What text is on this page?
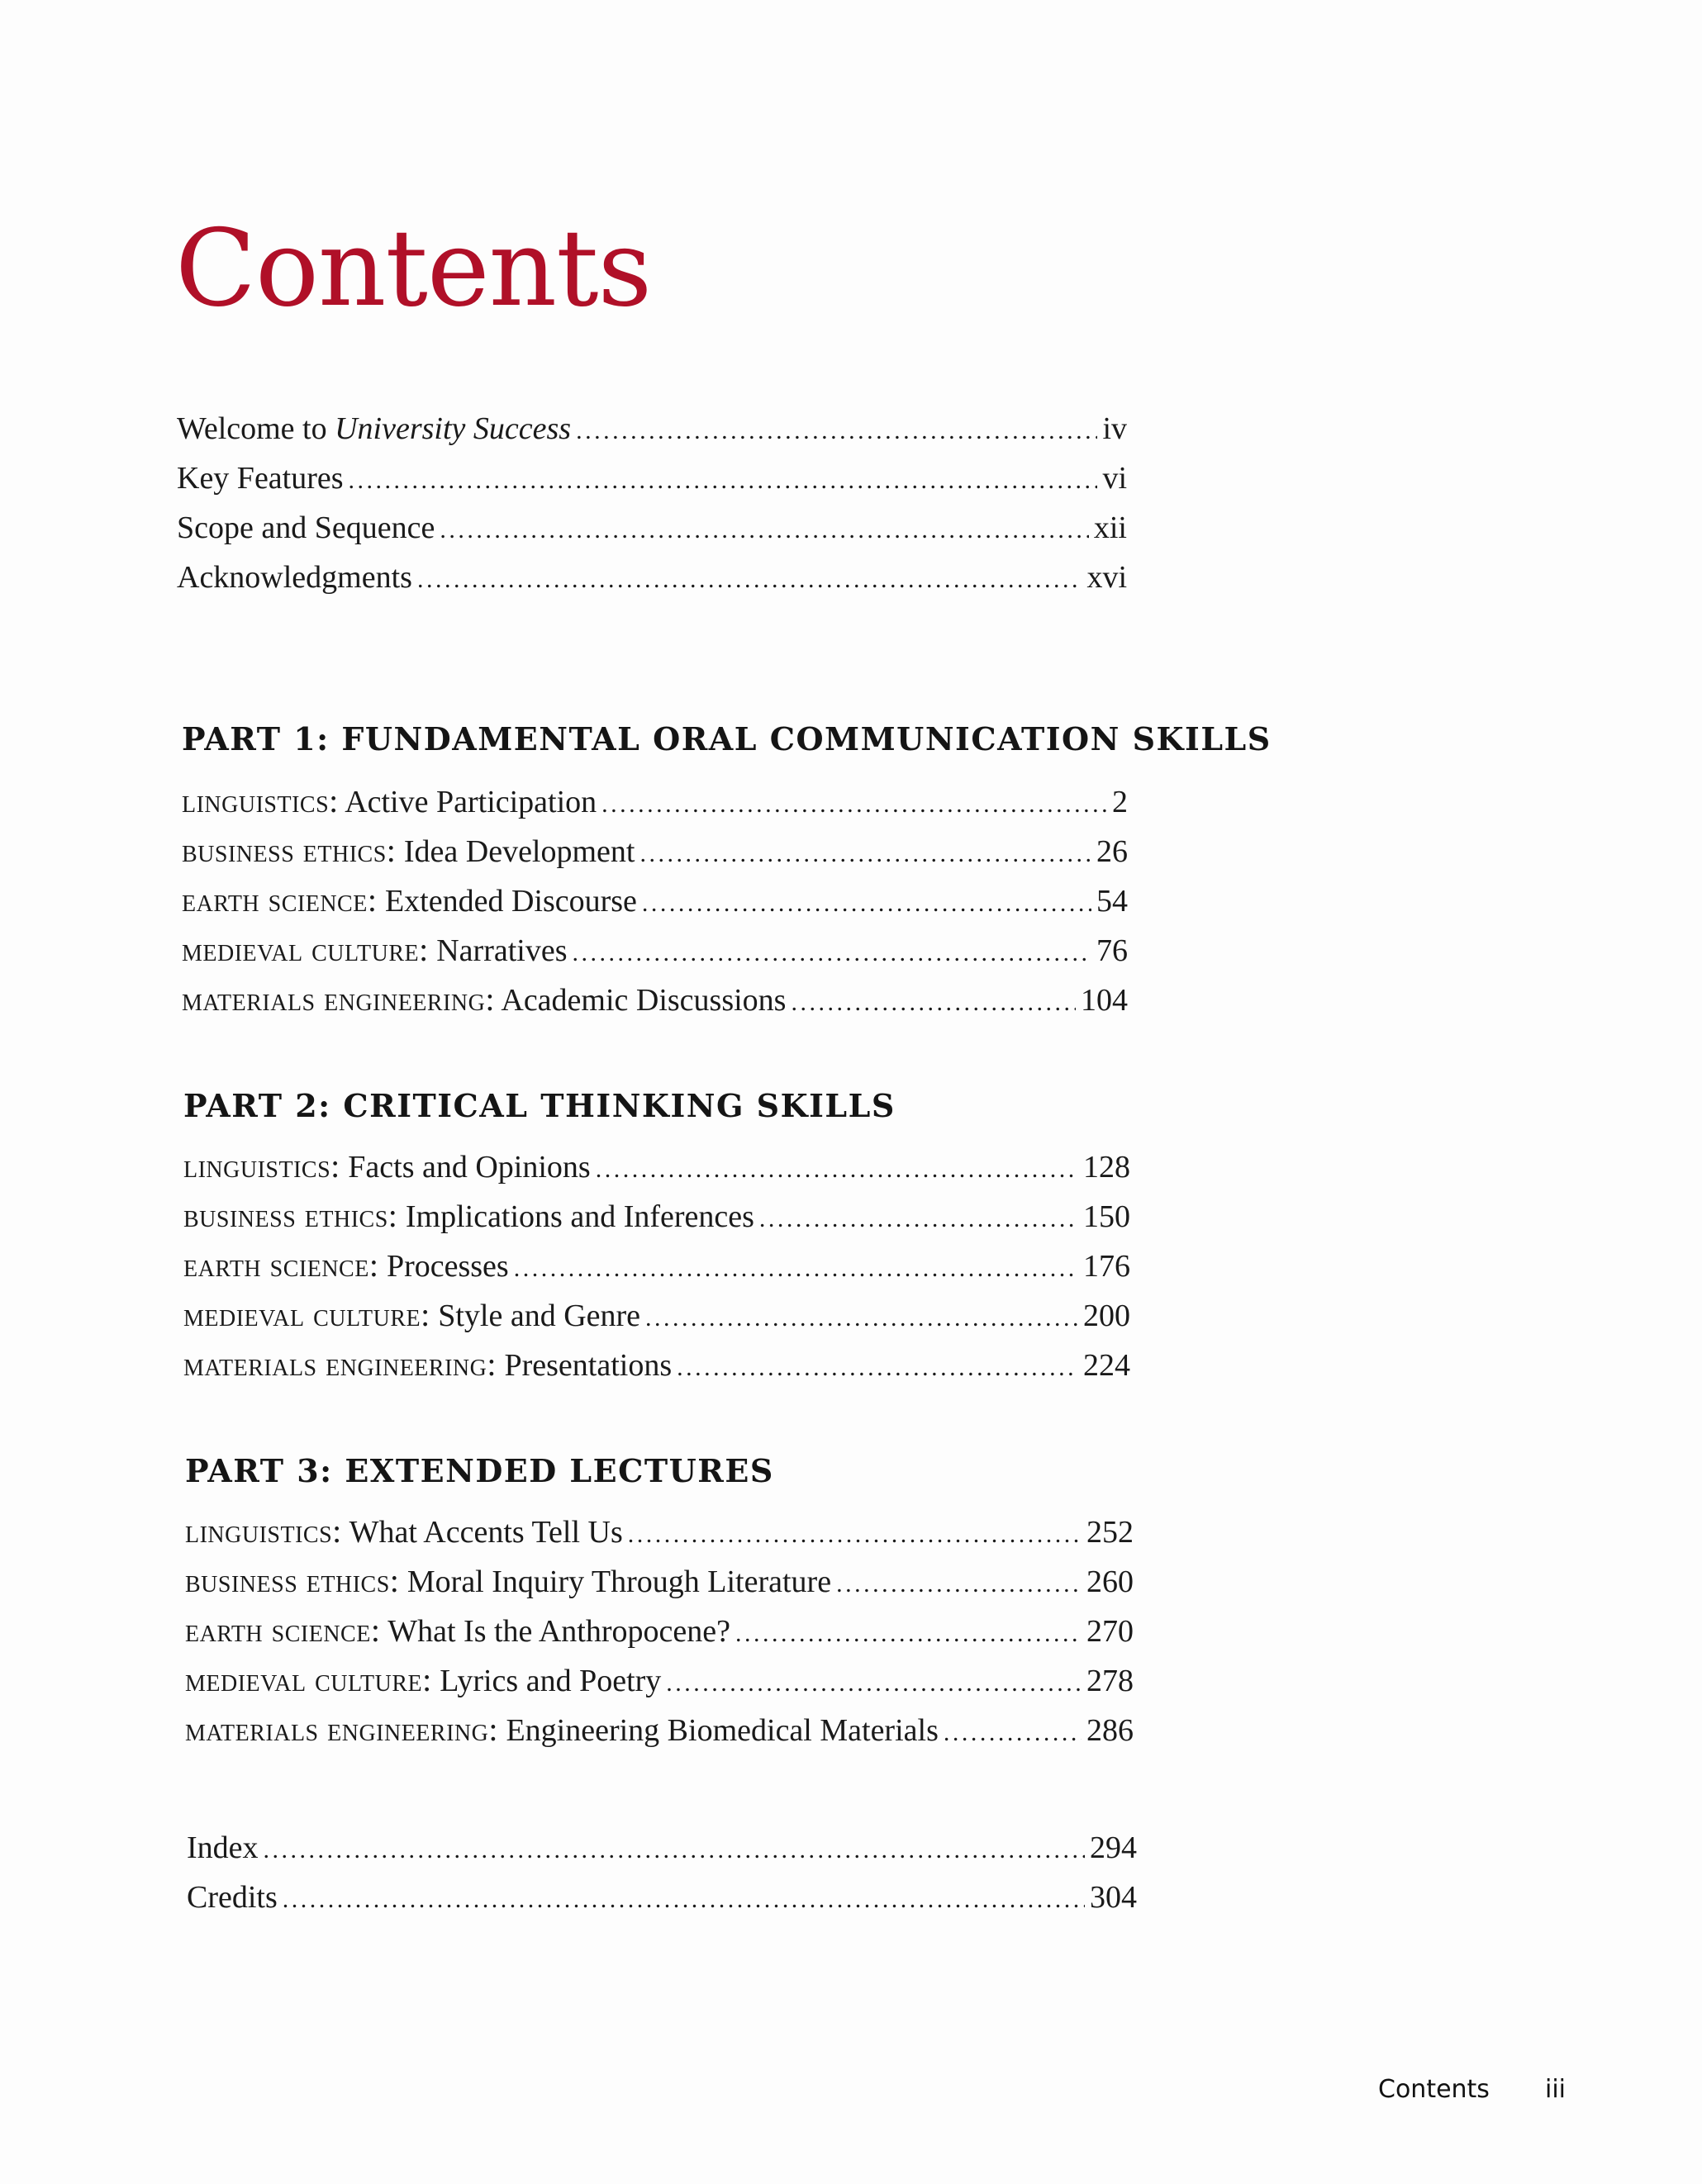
Contents
Welcome to University Success . . .	iv
Key Features . . .	vi
Scope and Sequence . . .	xii
Acknowledgments . . .	xvi
PART 1: FUNDAMENTAL ORAL COMMUNICATION SKILLS
linguistics: Active Participation . . .	2
business ethics: Idea Development . . .	26
earth science: Extended Discourse . . .	54
medieval culture: Narratives . . .	76
materials engineering: Academic Discussions . . .	104
PART 2: CRITICAL THINKING SKILLS
linguistics: Facts and Opinions . . .	128
business ethics: Implications and Inferences . . .	150
earth science: Processes . . .	176
medieval culture: Style and Genre . . .	200
materials engineering: Presentations . . .	224
PART 3: EXTENDED LECTURES
linguistics: What Accents Tell Us . . .	252
business ethics: Moral Inquiry Through Literature . . .	260
earth science: What Is the Anthropocene? . . .	270
medieval culture: Lyrics and Poetry . . .	278
materials engineering: Engineering Biomedical Materials . . .	286
Index . . .	294
Credits . . .	304
Contents iii
